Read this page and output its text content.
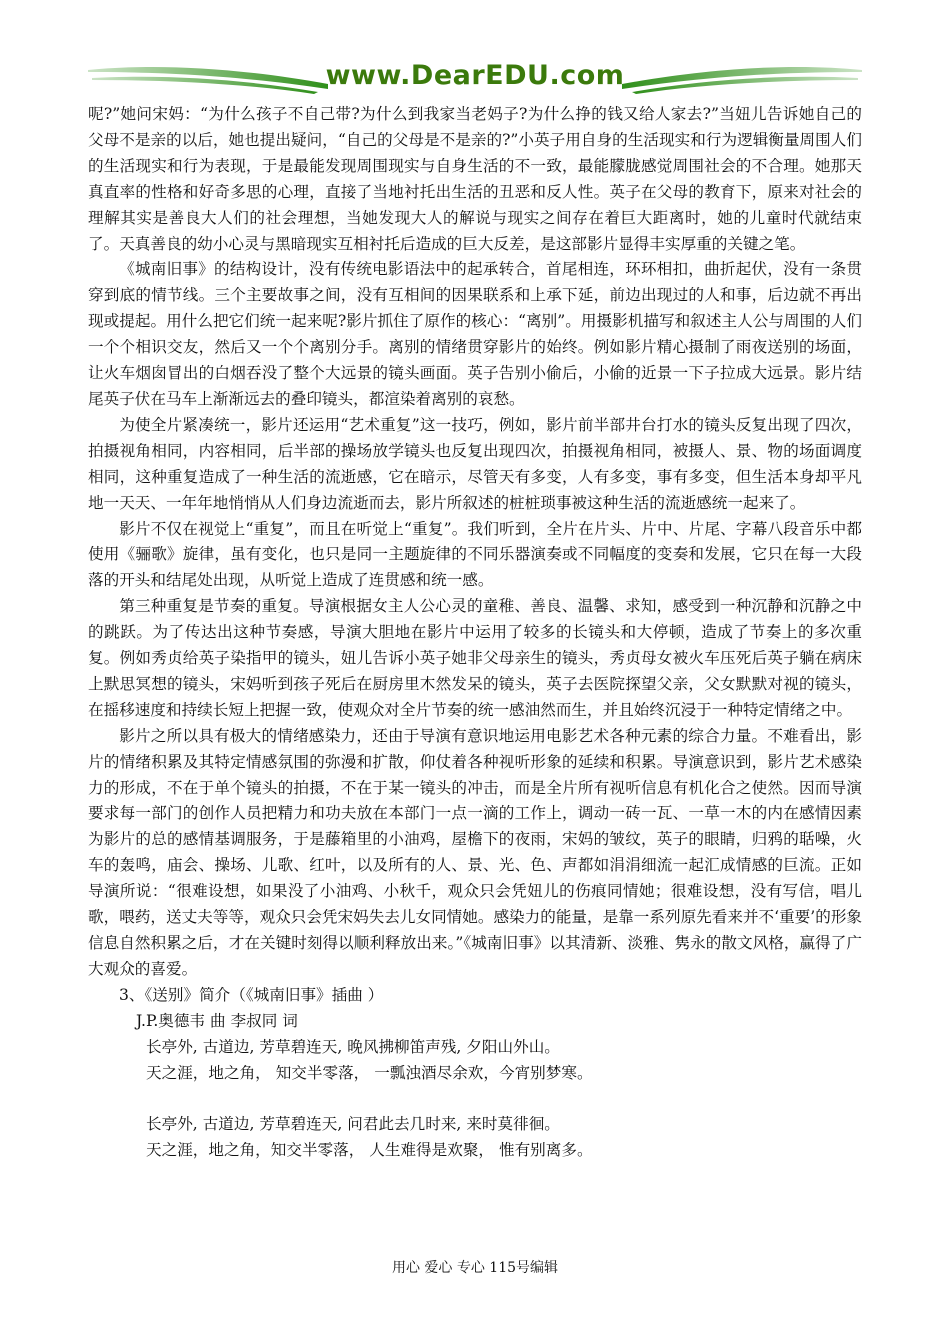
www.DearEDU.com

呢?”她问宋妈：“为什么孩子不自己带?为什么到我家当老妈子?为什么挣的钱又给人家去?”当妞儿告诉她自己的父母不是亲的以后，她也提出疑问，“自己的父母是不是亲的?”小英子用自身的生活现实和行为逻辑衡量周围人们的生活现实和行为表现，于是最能发现周围现实与自身生活的不一致，最能朦胧感觉周围社会的不合理。她那天真直率的性格和好奇多思的心理，直接了当地衬托出生活的丑恶和反人性。英子在父母的教育下，原来对社会的理解其实是善良大人们的社会理想，当她发现大人的解说与现实之间存在着巨大距离时，她的儿童时代就结束了。天真善良的幼小心灵与黑暗现实互相衬托后造成的巨大反差，是这部影片显得丰实厚重的关键之笔。

《城南旧事》的结构设计，没有传统电影语法中的起承转合，首尾相连，环环相扣，曲折起伏，没有一条贯穿到底的情节线。三个主要故事之间，没有互相间的因果联系和上承下延，前边出现过的人和事，后边就不再出现或提起。用什么把它们统一起来呢?影片抓住了原作的核心：“离别”。用摄影机描写和叙述主人公与周围的人们一个个相识交友，然后又一个个离别分手。离别的情绪贯穿影片的始终。例如影片精心摄制了雨夜送别的场面，让火车烟囱冒出的白烟吞没了整个大远景的镜头画面。英子告别小偷后，小偷的近景一下子拉成大远景。影片结尾英子伏在马车上渐渐远去的叠印镜头，都渲染着离别的哀愁。

为使全片紧凑统一，影片还运用“艺术重复”这一技巧，例如，影片前半部井台打水的镜头反复出现了四次，拍摄视角相同，内容相同，后半部的操场放学镜头也反复出现四次，拍摄视角相同，被摄人、景、物的场面调度相同，这种重复造成了一种生活的流逝感，它在暗示，尽管天有多变，人有多变，事有多变，但生活本身却平凡地一天天、一年年地悄悄从人们身边流逝而去，影片所叙述的桩桩琐事被这种生活的流逝感统一起来了。

影片不仅在视觉上“重复”，而且在听觉上“重复”。我们听到，全片在片头、片中、片尾、字幕八段音乐中都使用《骊歌》旋律，虽有变化，也只是同一主题旋律的不同乐器演奏或不同幅度的变奏和发展，它只在每一大段落的开头和结尾处出现，从听觉上造成了连贯感和统一感。

第三种重复是节奏的重复。导演根据女主人公心灵的童稚、善良、温馨、求知，感受到一种沉静和沉静之中的跳跃。为了传达出这种节奏感，导演大胆地在影片中运用了较多的长镜头和大停顿，造成了节奏上的多次重复。例如秀贞给英子染指甲的镜头，妞儿告诉小英子她非父母亲生的镜头，秀贞母女被火车压死后英子躺在病床上默思冥想的镜头，宋妈听到孩子死后在厨房里木然发呆的镜头，英子去医院探望父亲，父女默默对视的镜头，在摇移速度和持续长短上把握一致，使观众对全片节奏的统一感油然而生，并且始终沉浸于一种特定情绪之中。

影片之所以具有极大的情绪感染力，还由于导演有意识地运用电影艺术各种元素的综合力量。不难看出，影片的情绪积累及其特定情感氛围的弥漫和扩散，仰仗着各种视听形象的延续和积累。导演意识到，影片艺术感染力的形成，不在于单个镜头的拍摄，不在于某一镜头的冲击，而是全片所有视听信息有机化合之使然。因而导演要求每一部门的创作人员把精力和功夫放在本部门一点一滴的工作上，调动一砖一瓦、一草一木的内在感情因素为影片的总的感情基调服务，于是藤箱里的小油鸡，屋檐下的夜雨，宋妈的皱纹，英子的眼睛，归鸦的聒噪，火车的轰鸣，庙会、操场、儿歌、红叶，以及所有的人、景、光、色、声都如涓涓细流一起汇成情感的巨流。正如导演所说：“很难设想，如果没了小油鸡、小秋千，观众只会凭妞儿的伤痕同情她；很难设想，没有写信，唱儿歌，喂药，送丈夫等等，观众只会凭宋妈失去儿女同情她。感染力的能量，是靠一系列原先看来并不‘重要’的形象信息自然积累之后，才在关键时刻得以顺利释放出来。”《城南旧事》以其清新、淡雅、隽永的散文风格，赢得了广大观众的喜爱。

3、《送别》简介（《城南旧事》插曲 ）
J.P.奥德韦 曲 李叔同 词
长亭外, 古道边, 芳草碧连天, 晚风拂柳笛声残, 夕阳山外山。
天之涯，地之角， 知交半零落， 一瓢浊酒尽余欢，今宵别梦寒。
长亭外, 古道边, 芳草碧连天, 问君此去几时来, 来时莫徘徊。
天之涯，地之角，知交半零落， 人生难得是欢聚， 惟有别离多。
用心 爱心 专心 115号编辑
